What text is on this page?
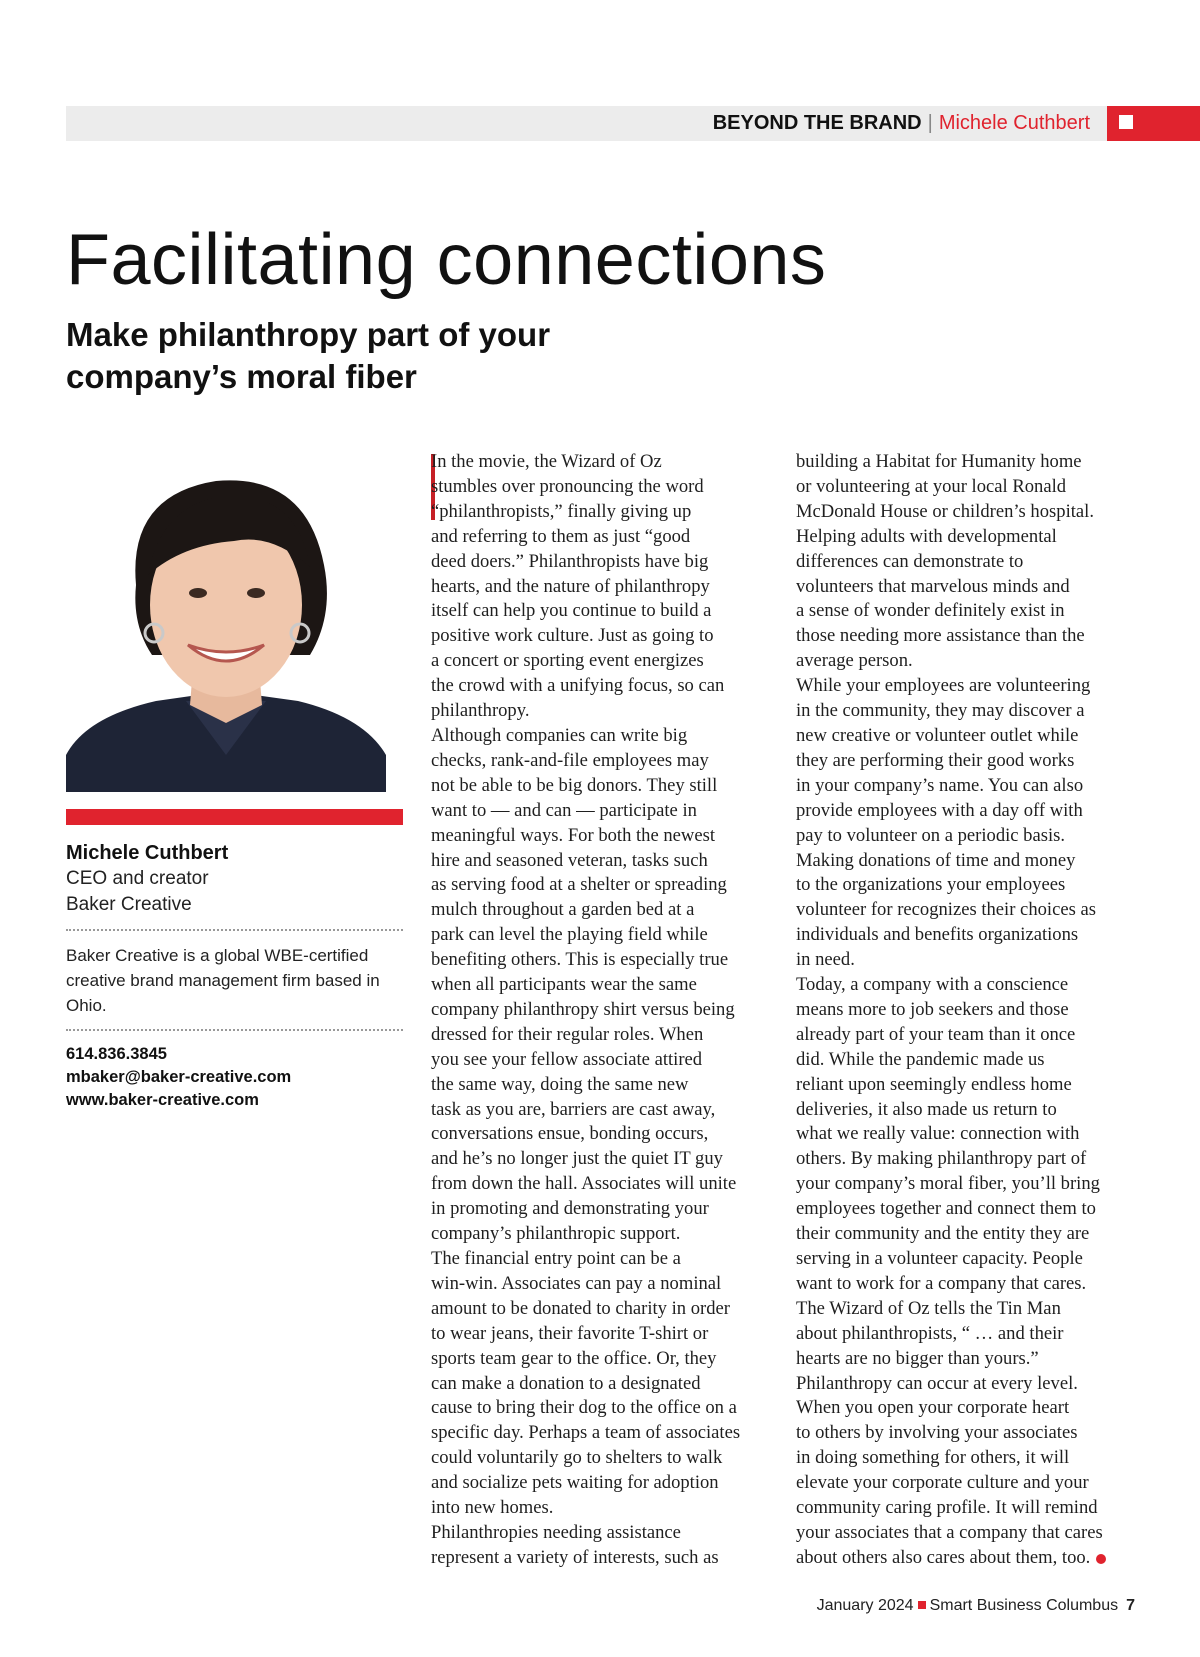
BEYOND THE BRAND | Michele Cuthbert
Facilitating connections
Make philanthropy part of your company’s moral fiber
Michele Cuthbert
CEO and creator
Baker Creative
Baker Creative is a global WBE-certified creative brand management firm based in Ohio.
614.836.3845
mbaker@baker-creative.com
www.baker-creative.com

In the movie, the Wizard of Oz
stumbles over pronouncing the word
“philanthropists,” finally giving up
and referring to them as just “good
deed doers.” Philanthropists have big
hearts, and the nature of philanthropy
itself can help you continue to build a
positive work culture. Just as going to
a concert or sporting event energizes
the crowd with a unifying focus, so can
philanthropy.
Although companies can write big
checks, rank-and-file employees may
not be able to be big donors. They still
want to — and can — participate in
meaningful ways. For both the newest
hire and seasoned veteran, tasks such
as serving food at a shelter or spreading
mulch throughout a garden bed at a
park can level the playing field while
benefiting others. This is especially true
when all participants wear the same
company philanthropy shirt versus being
dressed for their regular roles. When
you see your fellow associate attired
the same way, doing the same new
task as you are, barriers are cast away,
conversations ensue, bonding occurs,
and he’s no longer just the quiet IT guy
from down the hall. Associates will unite
in promoting and demonstrating your
company’s philanthropic support.
The financial entry point can be a
win-win. Associates can pay a nominal
amount to be donated to charity in order
to wear jeans, their favorite T-shirt or
sports team gear to the office. Or, they
can make a donation to a designated
cause to bring their dog to the office on a
specific day. Perhaps a team of associates
could voluntarily go to shelters to walk
and socialize pets waiting for adoption
into new homes.
Philanthropies needing assistance
represent a variety of interests, such as

building a Habitat for Humanity home
or volunteering at your local Ronald
McDonald House or children’s hospital.
Helping adults with developmental
differences can demonstrate to
volunteers that marvelous minds and
a sense of wonder definitely exist in
those needing more assistance than the
average person.
While your employees are volunteering
in the community, they may discover a
new creative or volunteer outlet while
they are performing their good works
in your company’s name. You can also
provide employees with a day off with
pay to volunteer on a periodic basis.
Making donations of time and money
to the organizations your employees
volunteer for recognizes their choices as
individuals and benefits organizations
in need.
Today, a company with a conscience
means more to job seekers and those
already part of your team than it once
did. While the pandemic made us
reliant upon seemingly endless home
deliveries, it also made us return to
what we really value: connection with
others. By making philanthropy part of
your company’s moral fiber, you’ll bring
employees together and connect them to
their community and the entity they are
serving in a volunteer capacity. People
want to work for a company that cares.
The Wizard of Oz tells the Tin Man
about philanthropists, “ … and their
hearts are no bigger than yours.”
Philanthropy can occur at every level.
When you open your corporate heart
to others by involving your associates
in doing something for others, it will
elevate your corporate culture and your
community caring profile. It will remind
your associates that a company that cares
about others also cares about them, too.
January 2024 Smart Business Columbus 7
